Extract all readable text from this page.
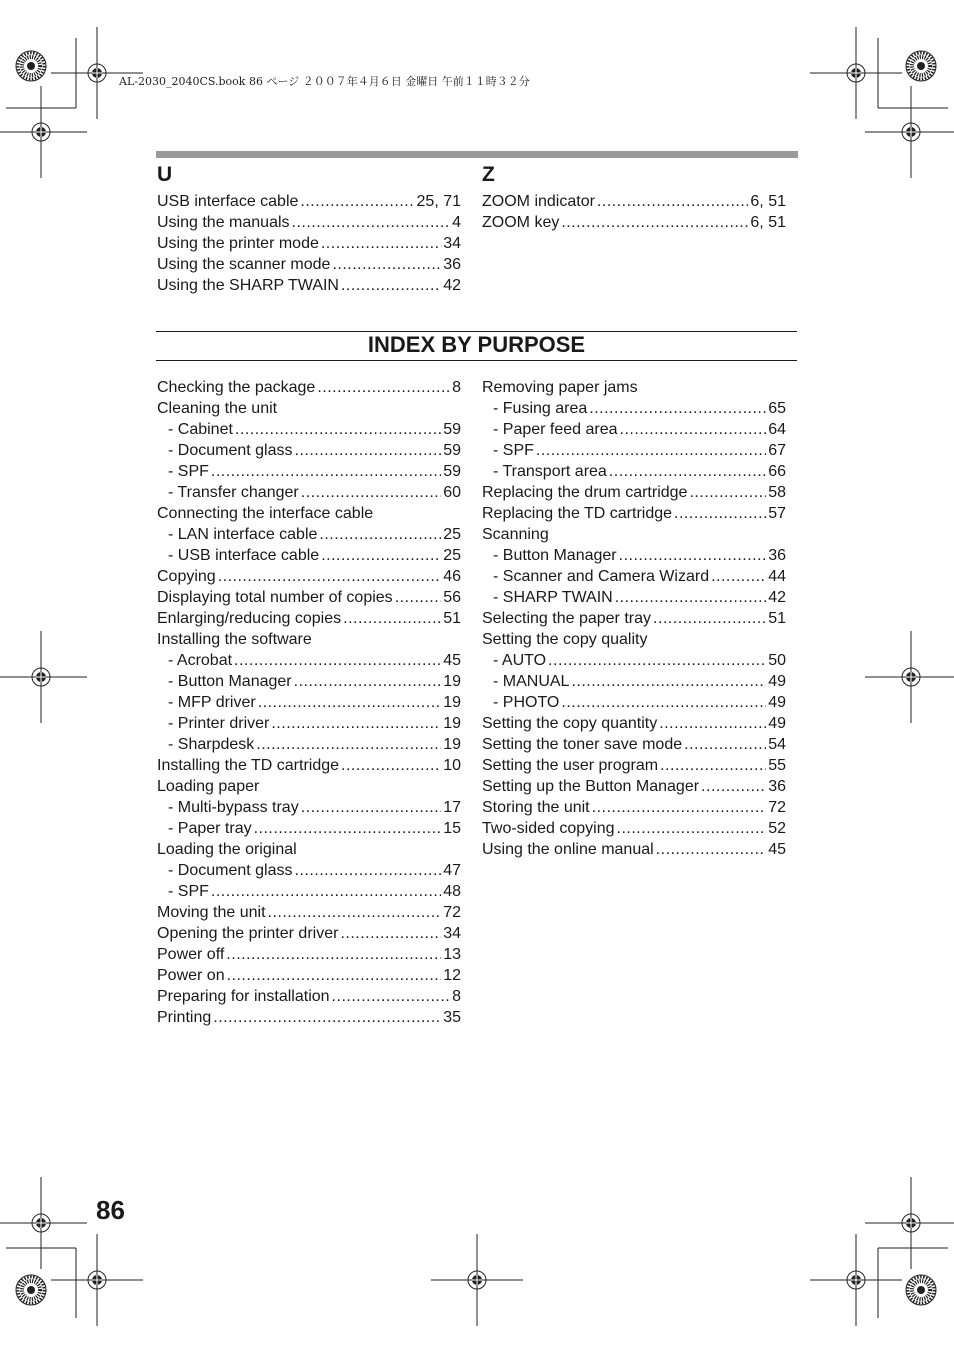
AL-2030_2040CS.book 86 ページ ２００７年４月６日 金曜日 午前１１時３２分
U	Z
USB interface cable .....	25, 71
Using the manuals .....	4
Using the printer mode .....	34
Using the scanner mode .....	36
Using the SHARP TWAIN .....	42
ZOOM indicator .....	6, 51
ZOOM key .....	6, 51
INDEX BY PURPOSE
Checking the package .....	8
Cleaning the unit
- Cabinet .....	59
- Document glass .....	59
- SPF .....	59
- Transfer changer .....	60
Connecting the interface cable
- LAN interface cable .....	25
- USB interface cable .....	25
Copying .....	46
Displaying total number of copies .....	56
Enlarging/reducing copies .....	51
Installing the software
- Acrobat .....	45
- Button Manager .....	19
- MFP driver .....	19
- Printer driver .....	19
- Sharpdesk .....	19
Installing the TD cartridge .....	10
Loading paper
- Multi-bypass tray .....	17
- Paper tray .....	15
Loading the original
- Document glass .....	47
- SPF .....	48
Moving the unit .....	72
Opening the printer driver .....	34
Power off .....	13
Power on .....	12
Preparing for installation .....	8
Printing .....	35
Removing paper jams
- Fusing area .....	65
- Paper feed area .....	64
- SPF .....	67
- Transport area .....	66
Replacing the drum cartridge .....	58
Replacing the TD cartridge .....	57
Scanning
- Button Manager .....	36
- Scanner and Camera Wizard .....	44
- SHARP TWAIN .....	42
Selecting the paper tray .....	51
Setting the copy quality
- AUTO .....	50
- MANUAL .....	49
- PHOTO .....	49
Setting the copy quantity .....	49
Setting the toner save mode .....	54
Setting the user program .....	55
Setting up the Button Manager .....	36
Storing the unit .....	72
Two-sided copying .....	52
Using the online manual .....	45
86
